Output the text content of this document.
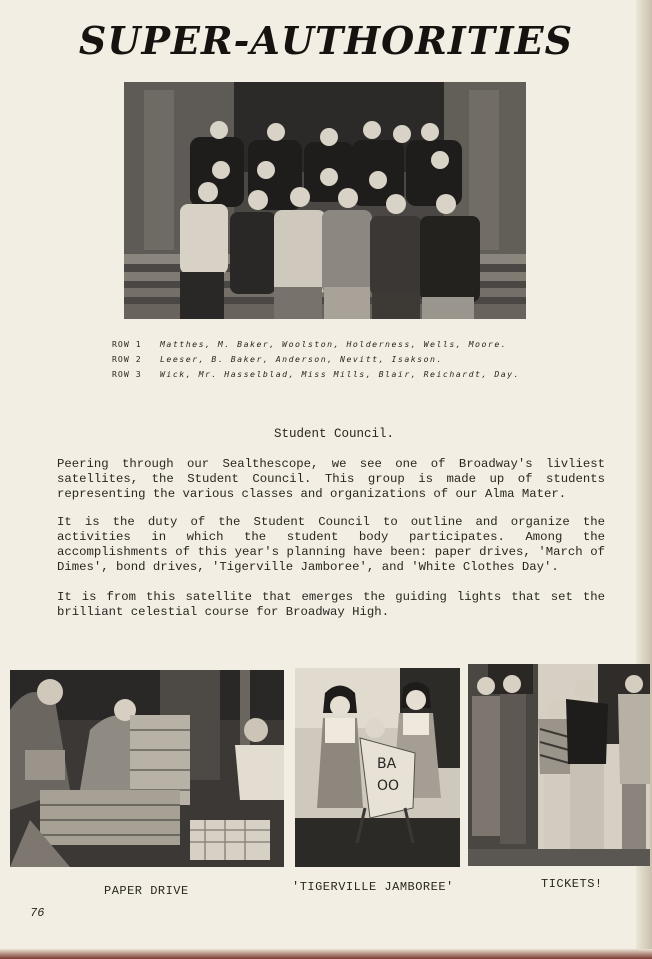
SUPER-AUTHORITIES
ROW 1 Matthes, M. Baker, Woolston, Holderness, Wells, Moore.
ROW 2 Leeser, B. Baker, Anderson, Nevitt, Isakson.
ROW 3 Wick, Mr. Hasselblad, Miss Mills, Blair, Reichardt, Day.
Student Council.
Peering through our Sealthescope, we see one of Broadway's livliest satellites, the Student Council. This group is made up of students representing the various classes and organizations of our Alma Mater.
It is the duty of the Student Council to outline and organize the activities in which the student body participates. Among the accomplishments of this year's planning have been: paper drives, 'March of Dimes', bond drives, 'Tigerville Jamboree', and 'White Clothes Day'.
It is from this satellite that emerges the guiding lights that set the brilliant celestial course for Broadway High.
BA
OO
PAPER DRIVE	'TIGERVILLE JAMBOREE'	TICKETS!
76
